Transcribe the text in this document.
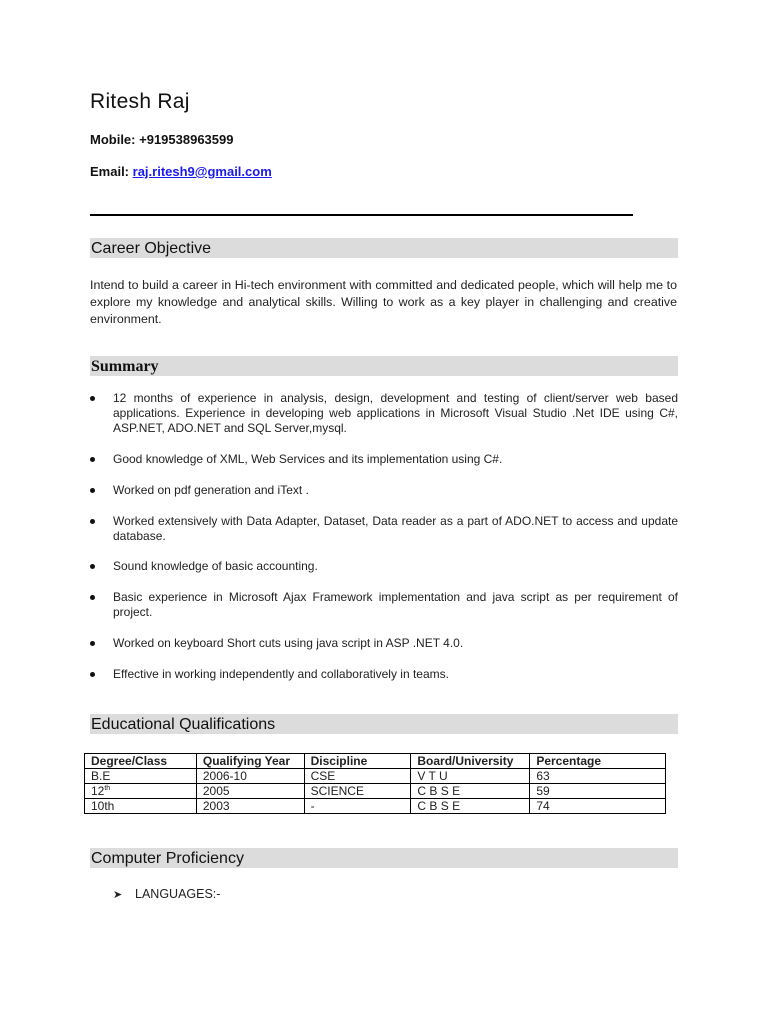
Ritesh Raj
Mobile: +919538963599
Email: raj.ritesh9@gmail.com
Career Objective
Intend to build a career in Hi-tech environment with committed and dedicated people, which will help me to explore my knowledge and analytical skills. Willing to work as a key player in challenging and creative environment.
Summary
12 months of experience in analysis, design, development and testing of client/server web based applications. Experience in developing web applications in Microsoft Visual Studio .Net IDE using C#, ASP.NET, ADO.NET and SQL Server,mysql.
Good knowledge of XML, Web Services and its implementation using C#.
Worked on pdf generation and iText .
Worked extensively with Data Adapter, Dataset, Data reader as a part of ADO.NET to access and update database.
Sound knowledge of basic accounting.
Basic experience in Microsoft Ajax Framework implementation and java script as per requirement of project.
Worked on keyboard Short cuts using java script in ASP .NET 4.0.
Effective in working independently and collaboratively in teams.
Educational Qualifications
Degree/Class	Qualifying Year	Discipline	Board/University	Percentage
B.E	2006-10	CSE	V T U	63
12th	2005	SCIENCE	C B S E	59
10th	2003	-	C B S E	74
Computer Proficiency
➤ LANGUAGES:-
